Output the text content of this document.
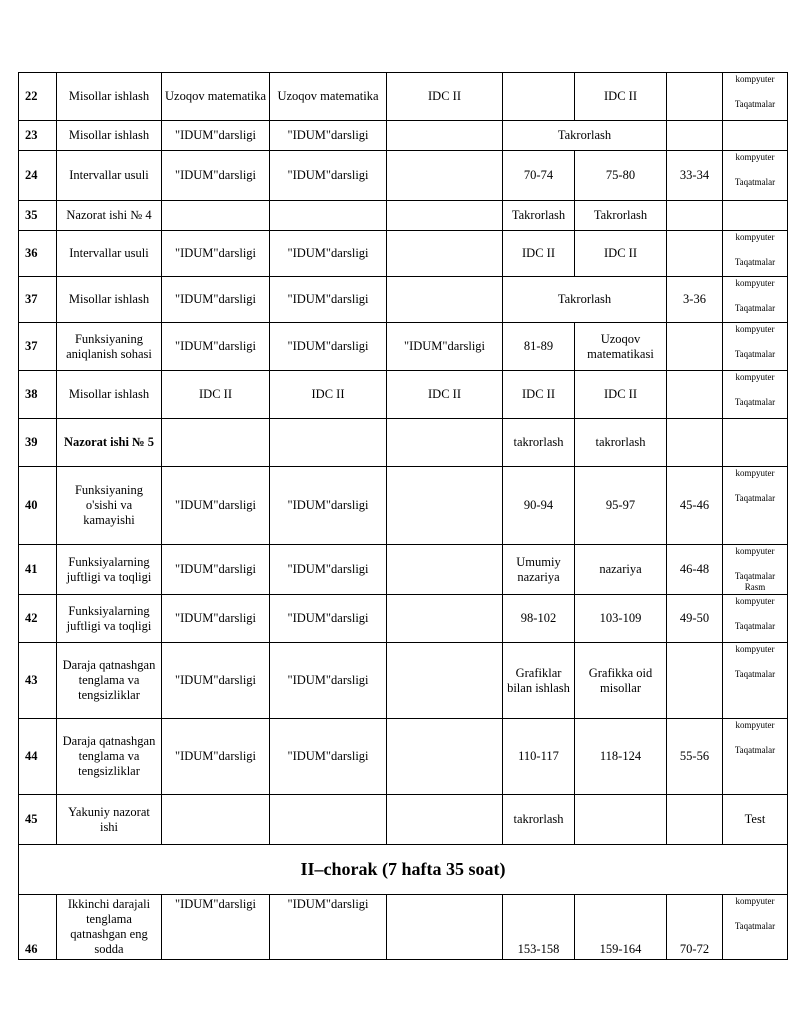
22	Misollar ishlash	Uzoqov matematika	Uzoqov matematika	IDC II		IDC II		kompyuter
Taqatmalar

23	Misollar ishlash	"IDUM"darsligi	"IDUM"darsligi		Takrorlash			

24	Intervallar usuli	"IDUM"darsligi	"IDUM"darsligi		70-74	75-80	33-34	kompyuter
Taqatmalar

35	Nazorat ishi № 4				Takrorlash	Takrorlash		

36	Intervallar usuli	"IDUM"darsligi	"IDUM"darsligi		IDC II	IDC II		kompyuter
Taqatmalar

37	Misollar ishlash	"IDUM"darsligi	"IDUM"darsligi		Takrorlash		3-36	kompyuter
Taqatmalar

37	Funksiyaning aniqlanish sohasi	"IDUM"darsligi	"IDUM"darsligi	"IDUM"darsligi	81-89	Uzoqov matematikasi		kompyuter
Taqatmalar

38	Misollar ishlash	IDC II	IDC II	IDC II	IDC II	IDC II		kompyuter
Taqatmalar

39	Nazorat ishi № 5				takrorlash	takrorlash		

40	Funksiyaning o'sishi va kamayishi	"IDUM"darsligi	"IDUM"darsligi		90-94	95-97	45-46	kompyuter
Taqatmalar

41	Funksiyalarning juftligi va toqligi	"IDUM"darsligi	"IDUM"darsligi		Umumiy nazariya	nazariya	46-48	kompyuter
Taqatmalar Rasm

42	Funksiyalarning juftligi va toqligi	"IDUM"darsligi	"IDUM"darsligi		98-102	103-109	49-50	kompyuter
Taqatmalar

43	Daraja qatnashgan tenglama va tengsizliklar	"IDUM"darsligi	"IDUM"darsligi		Grafiklar bilan ishlash	Grafikka oid misollar		kompyuter
Taqatmalar

44	Daraja qatnashgan tenglama va tengsizliklar	"IDUM"darsligi	"IDUM"darsligi		110-117	118-124	55-56	kompyuter
Taqatmalar

45	Yakuniy nazorat ishi				takrorlash			Test
II–chorak (7 hafta 35 soat)								
46	Ikkinchi darajali tenglama qatnashgan eng sodda	"IDUM"darsligi	"IDUM"darsligi		153-158	159-164	70-72	kompyuter
Taqatmalar
